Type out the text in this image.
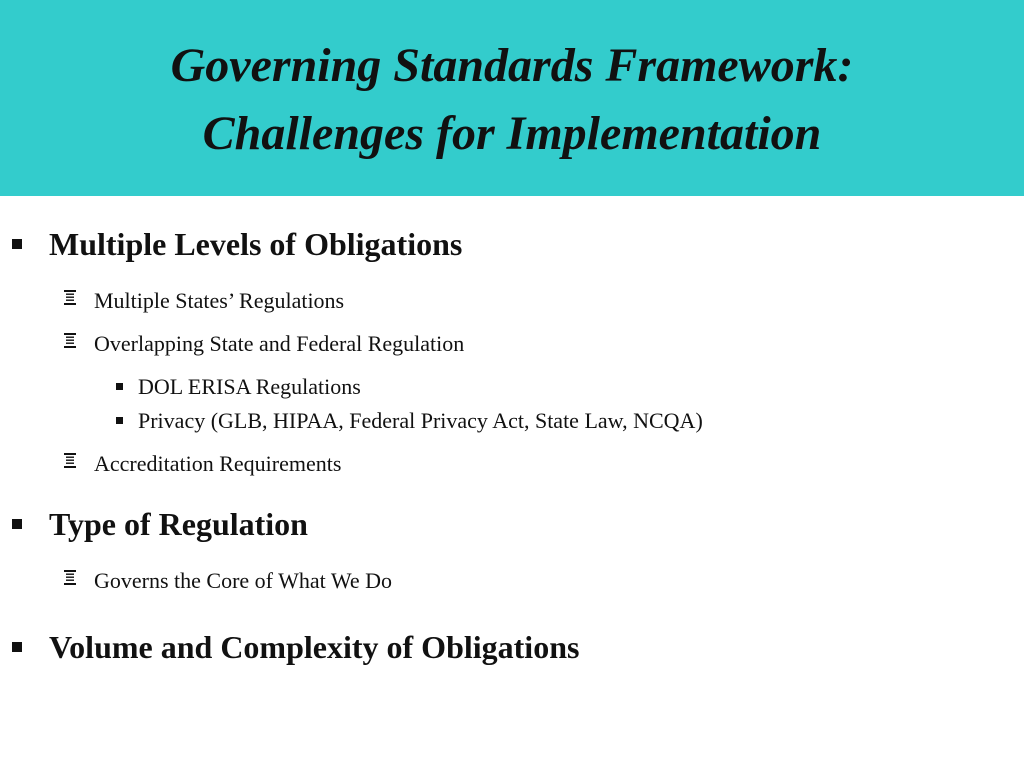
Governing Standards Framework:
Challenges for Implementation
Multiple Levels of Obligations
Multiple States’ Regulations
Overlapping State and Federal Regulation
DOL ERISA Regulations
Privacy (GLB, HIPAA, Federal Privacy Act, State Law, NCQA)
Accreditation Requirements
Type of Regulation
Governs the Core of What We Do
Volume and Complexity of Obligations
